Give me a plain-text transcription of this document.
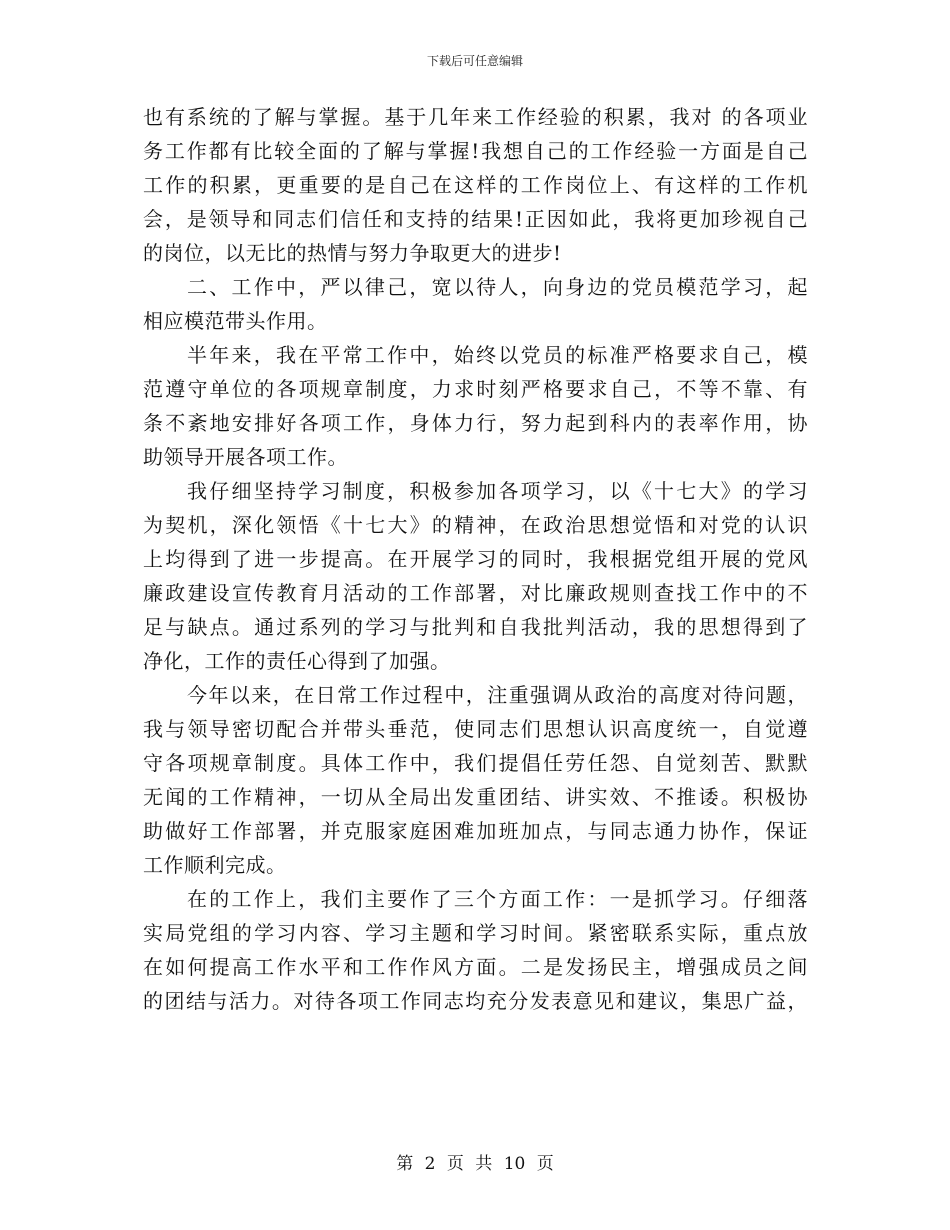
下载后可任意编辑
也有系统的了解与掌握。基于几年来工作经验的积累，我对 的各项业
务工作都有比较全面的了解与掌握!我想自己的工作经验一方面是自己
工作的积累，更重要的是自己在这样的工作岗位上、有这样的工作机
会，是领导和同志们信任和支持的结果!正因如此，我将更加珍视自己
的岗位，以无比的热情与努力争取更大的进步!
二、工作中，严以律己，宽以待人，向身边的党员模范学习，起
相应模范带头作用。
半年来，我在平常工作中，始终以党员的标准严格要求自己，模
范遵守单位的各项规章制度，力求时刻严格要求自己，不等不靠、有
条不紊地安排好各项工作，身体力行，努力起到科内的表率作用，协
助领导开展各项工作。
我仔细坚持学习制度，积极参加各项学习，以《十七大》的学习
为契机，深化领悟《十七大》的精神，在政治思想觉悟和对党的认识
上均得到了进一步提高。在开展学习的同时，我根据党组开展的党风
廉政建设宣传教育月活动的工作部署，对比廉政规则查找工作中的不
足与缺点。通过系列的学习与批判和自我批判活动，我的思想得到了
净化，工作的责任心得到了加强。
今年以来，在日常工作过程中，注重强调从政治的高度对待问题，
我与领导密切配合并带头垂范，使同志们思想认识高度统一，自觉遵
守各项规章制度。具体工作中，我们提倡任劳任怨、自觉刻苦、默默
无闻的工作精神，一切从全局出发重团结、讲实效、不推诿。积极协
助做好工作部署，并克服家庭困难加班加点，与同志通力协作，保证
工作顺利完成。
在的工作上，我们主要作了三个方面工作：一是抓学习。仔细落
实局党组的学习内容、学习主题和学习时间。紧密联系实际，重点放
在如何提高工作水平和工作作风方面。二是发扬民主，增强成员之间
的团结与活力。对待各项工作同志均充分发表意见和建议，集思广益，
第 2 页 共 10 页
